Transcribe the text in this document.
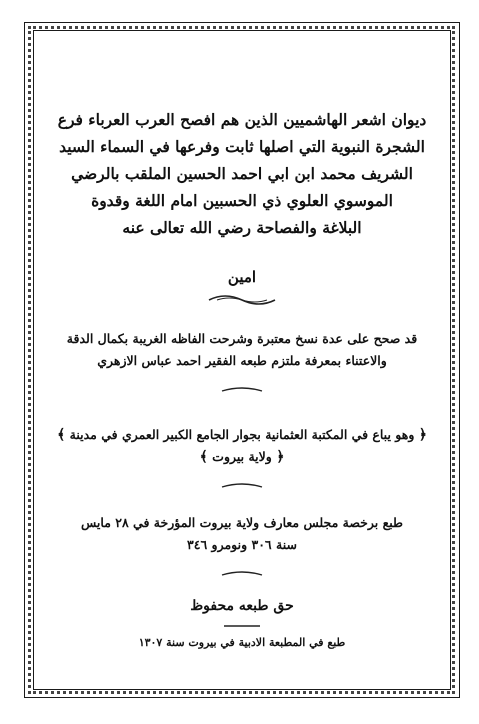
ديوان اشعر الهاشميين الذين هم افصح العرب العرباء فرع
الشجرة النبوية التي اصلها ثابت وفرعها في السماء السيد
الشريف محمد ابن ابي احمد الحسين الملقب بالرضي
الموسوي العلوي ذي الحسبين امام اللغة وقدوة
البلاغة والفصاحة رضي الله تعالى عنه
امين
قد صحح على عدة نسخ معتبرة وشرحت الفاظه الغريبة بكمال الدقة
والاعتناء بمعرفة ملتزم طبعه الفقير احمد عباس الازهري
﴿ وهو يباع في المكتبة العثمانية بجوار الجامع الكبير العمري في مدينة ﴾
﴿ ولاية بيروت ﴾
طبع برخصة مجلس معارف ولاية بيروت المؤرخة في ٢٨ مايس
سنة ٣٠٦ ونومرو ٣٤٦
حق طبعه محفوظ
طبع في المطبعة الادبية في بيروت سنة ١٣٠٧
